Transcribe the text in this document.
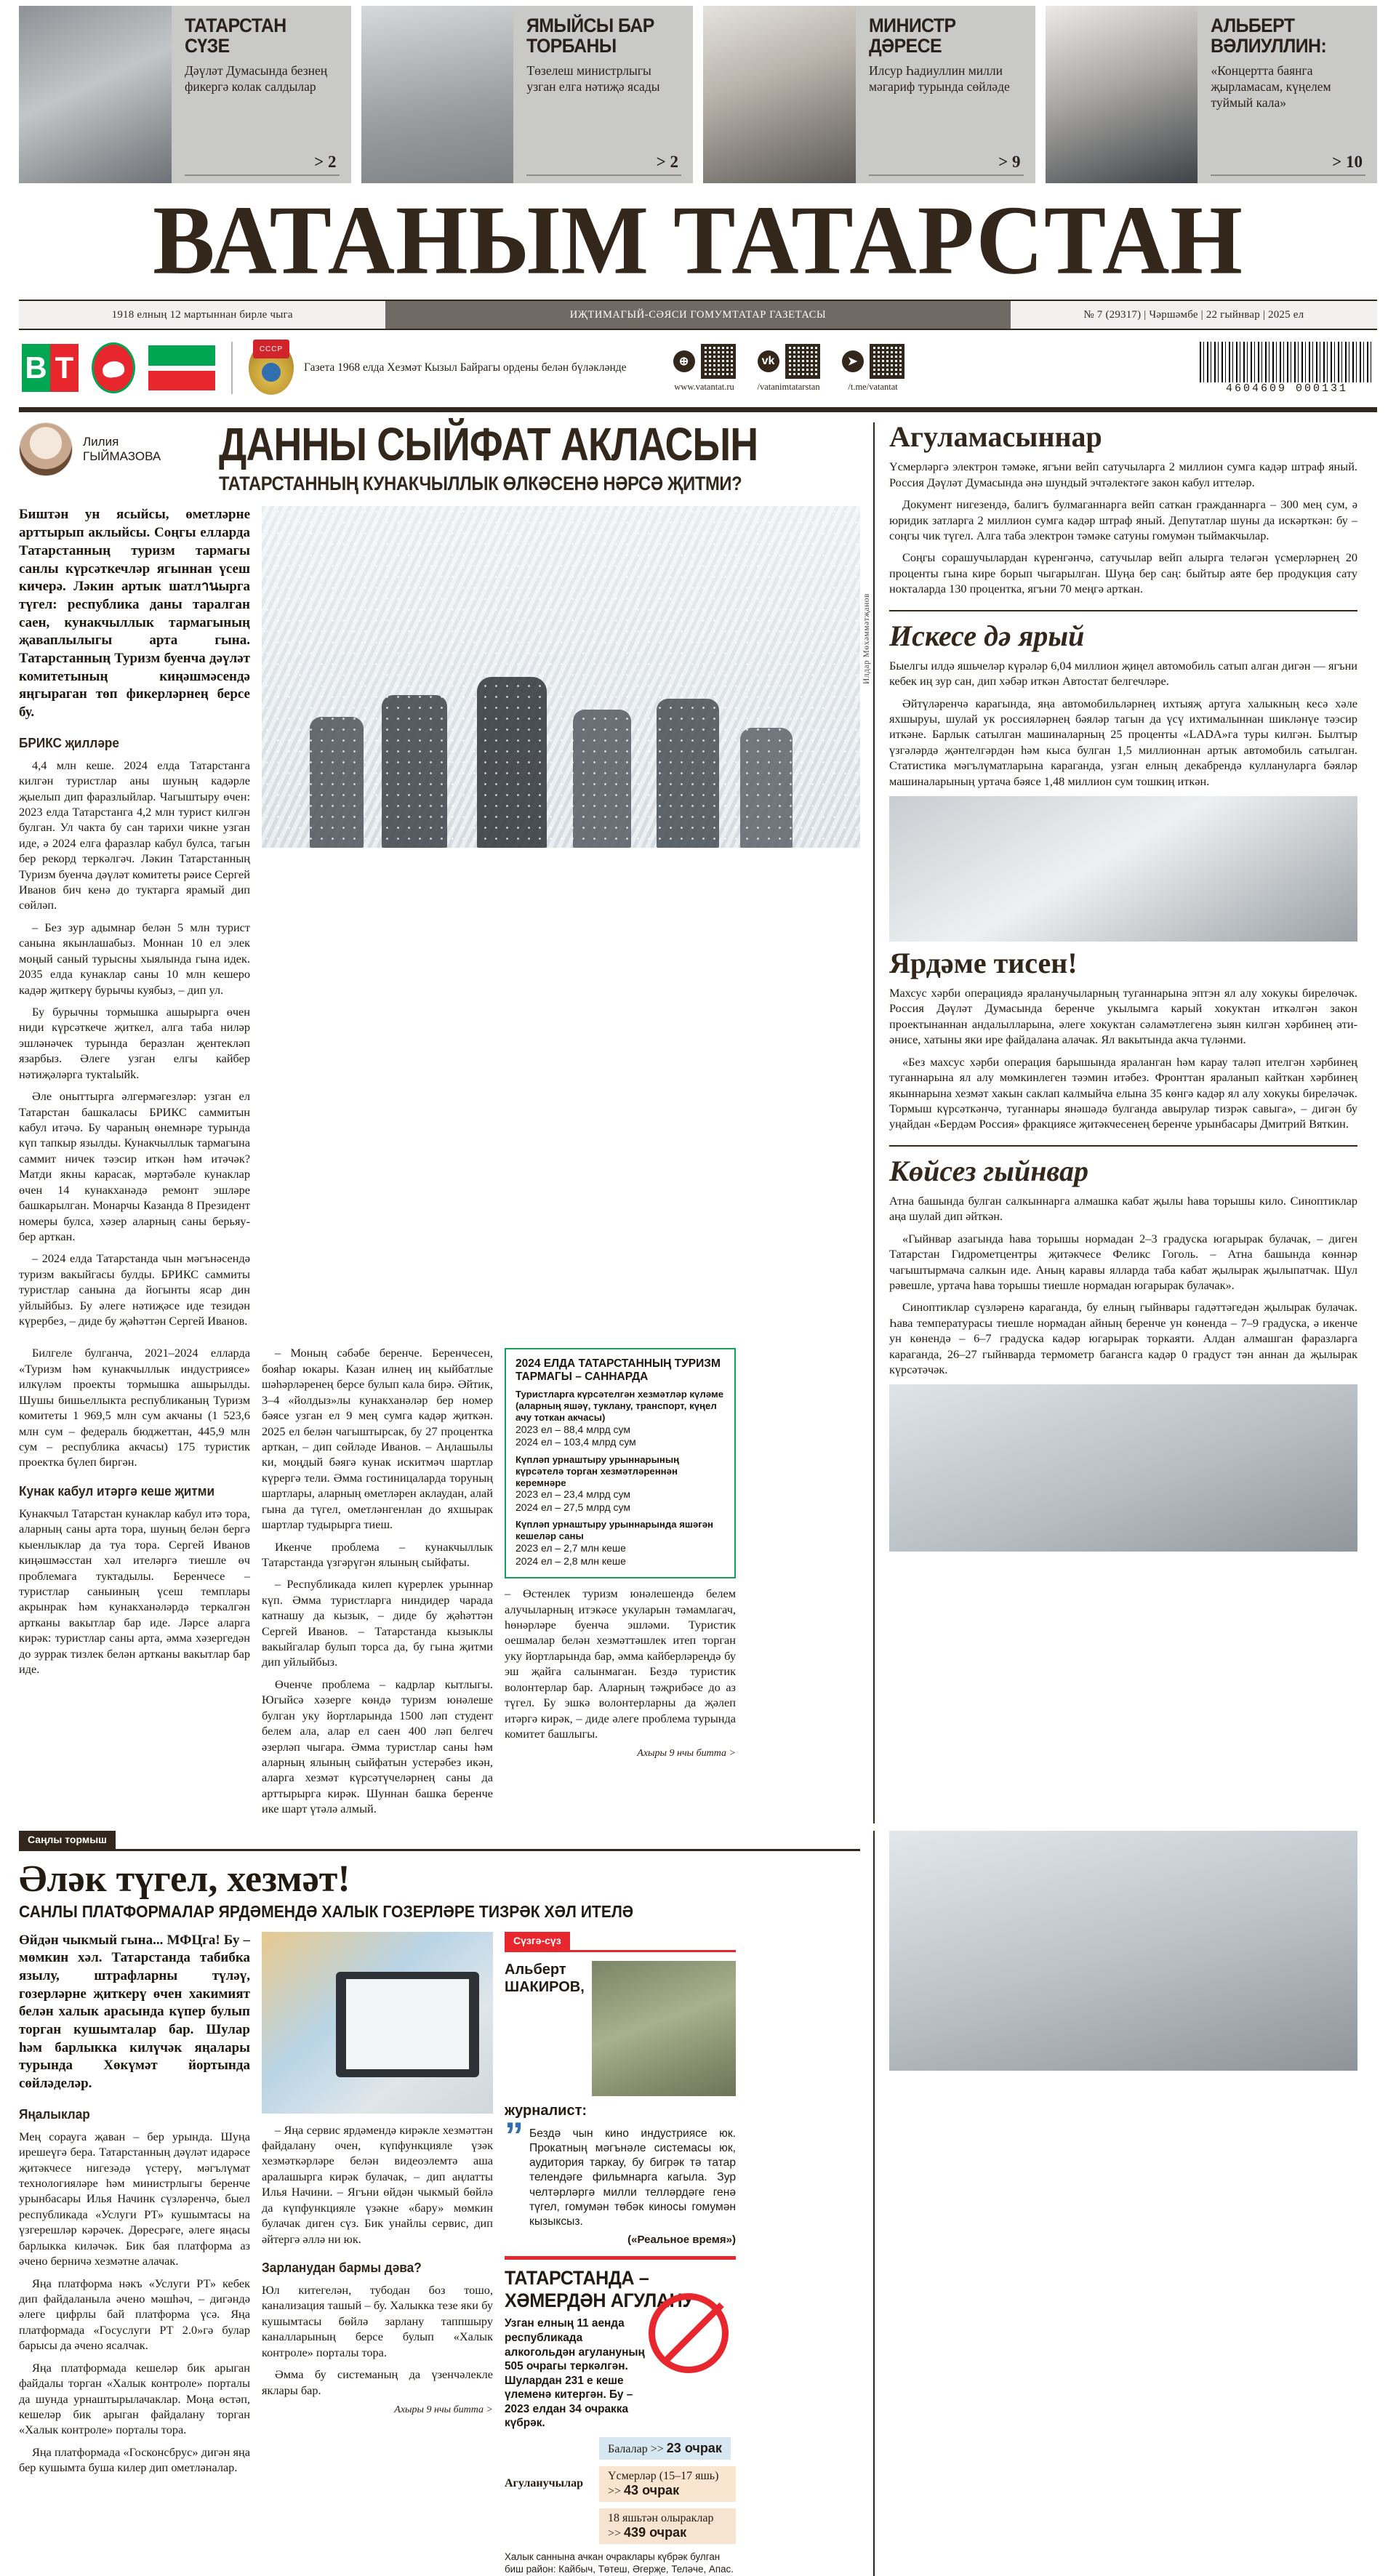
ТАТАРСТАН СҮЗЕ
Дәүләт Думасында безнең фикергә колак салдылар
> 2
ЯМЫЙСЫ БАР ТОРБАНЫ
Төзелеш министрлыгы узган елга нәтиҗә ясады
> 2
МИНИСТР ДӘРЕСЕ
Илсур Һадиуллин милли мәгариф турында сөйләде
> 9
АЛЬБЕРТ ВӘЛИУЛЛИН:
«Концертта баянга җырламасам, күңелем туймый кала»
> 10
ВАТАНЫМ ТАТАРСТАН
1918 елның 12 мартыннан бирле чыга	ИҖТИМАГЫЙ-СӘЯСИ ГОМУМТАТАР ГАЗЕТАСЫ	№ 7 (29317) | Чәршәмбе | 22 гыйнвар | 2025 ел
В Т
СССР
Газета 1968 елда Хезмәт Кызыл Байрагы ордены белән бүләкләнде	⊕
www.vatantat.ru
vk
/vatanimtatarstan
➤
/t.me/vatantat	4604609 000131
Лилия
ГЫЙМАЗОВА ДАННЫ СЫЙФАТ АКЛАСЫН
ТАТАРСТАННЫҢ КУНАКЧЫЛЛЫК ӨЛКӘСЕНӘ НӘРСӘ ҖИТМИ?
Биштән ун ясыйсы, өметләрне арттырып аклыйсы. Соңгы елларда Татарстанның туризм тармагы санлы күрсәткечләр ягыннан үсеш кичерә. Ләкин артык шатлานырга түгел: республика даны таралган саен, кунакчыллык тармагының җаваплылыгы арта гына. Татарстанның Туризм буенча дәүләт комитетының киңәшмәсендә яңгыраган төп фикерләрнең берсе бу.
БРИКС җилләре

4,4 млн кеше. 2024 елда Татарстанга килгән туристлар аны шуның кадәрле җыелып дип фаразлыйлар. Чагыштыру өчен: 2023 елда Татарстанга 4,2 млн турист килгән булган. Ул чакта бу сан тарихи чикне узган иде, ә 2024 елга фаразлар кабул булса, тагын бер рекорд теркәлгәч. Ләкин Татарстанның Туризм буенча дәүләт комитеты рәисе Сергей Иванов бич кенә до туктарга ярамый дип сөйләп.

– Без зур адымнар белән 5 млн турист санына якынлашабыз. Моннан 10 ел элек моңый саный турысны хыялында гына идек. 2035 елда кунаклар саны 10 млн кешеро кадәр җиткерү бурычы куябыз, – дип ул.

Бу бурычны тормышка ашырырга өчен ниди күрсәткече җиткел, алга таба ниләр эшләнәчек турында беразлан җентекләп язарбыз. Әлеге узган елгы кайбер нәтиҗәләрга туктаlыйk.

Әле оныттырга әлгермәгезләр: узган ел Татарстан башкаласы БРИКС саммитын кабул итәчә. Бу чараның өнемнәре турында күп тапкыр язылды. Кунакчыллык тармагына саммит ничек тәэсир иткән һәм итәчәк? Матди якны карасак, мәртәбәле кунаклар өчен 14 кунакханәдә ремонт эшләре башкарылган. Монарчы Казанда 8 Президент номеры булса, хәзер аларның саны берьяу-бер арткан.

– 2024 елда Татарстанда чын мәгънәсендә туризм вакыйгасы булды. БРИКС саммиты туристлар санына да йогынты ясар дин уйлыйбыз. Бу әлеге нәтиҗәсе иде тезидән күрербез, – диде бу җәһәттән Сергей Иванов.

Илдар Мөхәммәтҗанов

Билгеле булганча, 2021–2024 елларда «Туризм һәм кунакчыллык индустриясе» илкүләм проекты тормышка ашырылды. Шушы бишьеллыкта республиканың Туризм комитеты 1 969,5 млн сум акчаны (1 523,6 млн сум – федераль бюджеттан, 445,9 млн сум – республика акчасы) 175 туристик проектка бүлеп биргән.

Кунак кабул итәргә кеше җитми

Кунакчыл Татарстан кунаклар кабул итә тора, аларның саны арта тора, шуның белән бергә кыенлыклар да туа тора. Сергей Иванов киңәшмәсстан хәл ителәргә тиешле өч проблемага туктадылы. Беренчесе – туристлар саныиның үсеш темплары акрынрак һәм кунакханәләрдә теркалгән артканы вакытлар бар иде. Ләрсе аларга кирәк: туристлар саны арта, әмма хәзергедән до зуррак тизлек белән артканы вакытлар бар иде.

– Моның сәбәбе беренче. Беренчесен, бояһар юкары. Казан илнең иң кыйбатлые шәһәрләренең берсе булып кала бирә. Әйтик, 3–4 «йолдыз»лы кунакханәләр бер номер бәясе узган ел 9 мең сумга кадәр җиткән. 2025 ел белән чагыштырсак, бу 27 процентка арткан, – дип сөйләде Иванов. – Аңлашылы ки, моңдый бәягә кунак искитмәч шартлар күрергә тели. Әмма гостиницаларда торуның шартлары, аларның өметләрен аклаудан, алай гына да түгел, ометләнгенлан до яхшырак шартлар тудырырга тиеш.

Икенче проблема – кунакчыллык Татарстанда үзгәрүгән ялының сыйфаты.

– Республикада килеп күрерлек урыннар күп. Әмма туристларга ниндидер чарада катнашу да кызык, – диде бу җәһәттән Сергей Иванов. – Татарстанда кызыклы вакыйгалар булып торса да, бу гына җитми дип уйлыйбыз.

Өченче проблема – кадрлар кытлыгы. Югыйсә хәзерге көндә туризм юнәлеше булган уку йортларында 1500 ләп студент белем ала, алар ел саен 400 ләп белгеч әзерләп чыгара. Әмма туристлар саны һәм аларның ялының сыйфатын устерәбез икән, аларга хезмәт күрсәтүчеләрнең саны да арттырырга кирәк. Шуннан башка беренче ике шарт үтәлә алмый.

2024 ЕЛДА ТАТАРСТАННЫҢ ТУРИЗМ ТАРМАГЫ – САННАРДА
Туристларга күрсәтелгән хезмәтләр күләме (аларның яшәү, туклану, транспорт, күңел ачу тоткан акчасы)
2023 ел – 88,4 млрд сум
2024 ел – 103,4 млрд сум
Күпләп урнаштыру урыннарының күрсәтелә торган хезмәтләреннән керемнәре
2023 ел – 23,4 млрд сум
2024 ел – 27,5 млрд сум
Күпләп урнаштыру урыннарында яшәгән кешеләр саны
2023 ел – 2,7 млн кеше
2024 ел – 2,8 млн кеше

– Өстенлек туризм юнәлешендә белем алучыларның итэкәсе укуларын тәмамлагач, һөнәрләре буенча эшләми. Туристик оешмалар белән хезмәттәшлек итеп торган уку йортларында бар, әмма кайберләреңдә бу эш җайга салынмаган. Бездә туристик волонтерлар бар. Аларның тәҗрибәсе до аз түгел. Бу эшкә волонтерларны да җәлеп итәргә кирәк, – диде әлеге проблема турында комитет башлыгы.

Ахыры 9 нчы битта >
Агуламасыннар

Үсмерләргә электрон тәмәке, ягъни вейп сатучыларга 2 миллион сумга кадәр штраф яный. Россия Дәүләт Думасында әнә шундый эчтәлектәге закон кабул иттеләр.

Документ нигезендә, балигъ булмаганнарга вейп саткан гражданнарга – 300 мең сум, ә юридик затларга 2 миллион сумга кадәр штраф яный. Депутатлар шуны да искәрткән: бу – соңгы чик түгел. Алга таба электрон тәмәке сатуны гомумән тыймакчылар.

Соңгы сорашучылардан күренгәнчә, сатучылар вейп алырга теләгән үсмерләрнең 20 проценты гына кире борып чыгарылган. Шуңа бер саң: быйтыр аяте бер продукция сату нокталарда 130 процентка, ягъни 70 меңгә арткан.

Искесе дә ярый

Быелгы илдә яшьчеләр күрәләр 6,04 миллион җиңел автомобиль сатып алган дигән — ягъни кебек иң зур сан, дип хәбәр иткән Автостат белгечләре.

Әйтүләренчә карагында, яңа автомобильләрнең ихтыяҗ артуга халыкның кесә хәле яхшыруы, шулай ук россияләрнең бәяләр тагын да үсү ихтималыннан шикләнүе тәэсир иткәне. Барлык сатылган машиналарның 25 проценты «LADA»га туры килгән. Былтыр үзгәләрдә җәнтелгәрдән һәм кыса булган 1,5 миллионнан артык автомобиль сатылган. Статистика мәгълүматларына караганда, узган елның декабрендә куллануларга бәяләр машиналарының уртача бәясе 1,48 миллион сум тошкиң иткән.

Ярдәме тисен!

Махсус хәрби операциядә яраланучыларның туганнарына эптэн ял алу хокукы бирелөчәк. Россия Дәүләт Думасында беренче укылымга карый хокуктан иткәлгән закон проектынаннан андалылларына, әлеге хокуктан сәламәтлегенә зыян килгән хәрбинең әти-әнисе, хатыны яки ире файдалана алачак. Ял вакытында акча түләнми.

«Без махсус хәрби операция барышында яраланган һәм карау таләп ителгән хәрбинең туганнарына ял алу мөмкинлеген тәэмин итәбез. Фронттан яраланып кайткан хәрбинең якыннарына хезмәт хакын саклап калмыйча елына 35 көнгә кадәр ял алу хокукы биреләчәк. Тормыш күрсәткәнчә, туганнары янәшәдә булганда авырулар тизрәк савыга», – дигән бу уңайдан «Бердәм Россия» фракциясе җитәкчесенең беренче урынбасары Дмитрий Вяткин.

Көйсез гыйнвар

Атна башында булган салкыннарга алмашка кабат җылы һава торышы кило. Синоптиклар аңа шулай дип әйткән.

«Гыйнвар азагында һава торышы нормадан 2–3 градуска югарырак булачак, – диген Татарстан Гидрометцентры җитәкчесе Феликс Гоголь. – Атна башында көннәр чагыштырмача салкын иде. Аның каравы ялларда таба кабат җылырак җылыпатчак. Шул рәвешле, уртача һава торышы тиешле нормадан югарырак булачак».

Синоптиклар сүзләренә караганда, бу елның гыйнвары гадәттәгедән җылырак булачак. Һава температурасы тиешле нормадан айның беренче ун көненда – 7–9 градуска, ә икенче ун көнендә – 6–7 градуска кадәр югарырак торкаяти. Алдан алмашган фаразларга караганда, 26–27 гыйнварда термометр багансга кадәр 0 градуст тән аннан да җылырак күрсәтәчәк.

Саңлы тормыш
Әләк түгел, хезмәт!
САНЛЫ ПЛАТФОРМАЛАР ЯРДӘМЕНДӘ ХАЛЫК ГОЗЕРЛӘРЕ ТИЗРӘК ХӘЛ ИТЕЛӘ
Өйдән чыкмый гына... МФЦга! Бу – мөмкин хәл. Татарстанда табибка язылу, штрафларны түләү, гозерләрне җиткерү өчен хакимият белән халык арасында күпер булып торган кушымталар бар. Шулар һәм барлыкка килүчәк яңалары турында Хөкүмәт йортында сөйләделәр.
Яңалыклар

Мең сорауга җаван – бер урында. Шуңа ирешеүгә бера. Татарстанның дәүләт идарәсе җитәкчесе нигезәдә үстерү, мәгълүмат технологияләре һәм министрлыгы беренче урынбасары Илья Начинк сүзләренчә, быел республикада «Услуги РТ» кушымтасы на үзгерешләр кәрәчек. Дөресрәге, әлеге яңасы барлыкка киләчәк. Бик бая платформа аз әчено берничә хезмәтне алачак.

Яңа платформа нәкъ «Услуги РТ» кебек дип файдаланыла әчено мәшһәч, – дигәндә әлеге цифрлы бай платформа үсә. Яңа платформада «Госуслуги РТ 2.0»гә булар барысы да әчено ясалчак.

Яңа платформада кешеләр бик арыган файдалы торган «Халык контроле» порталы да шунда урнаштырылачаклар. Моңа өстәп, кешеләр бик арыган файдалану торган «Халык контроле» порталы тора.

Яңа платформада «Госконсбрус» дигән яңа бер кушымта буша килер дип ометләналар.

– Яңа сервис ярдәмендә кирәкле хезмәттән файдалану очен, күпфункцияле үзәк хезмәткәрләре белән видеоэлемтә аша аралашырга кирәк булачак, – дип аңлатты Илья Начини. – Ягъни өйдән чыкмый бөйлә да күпфункцияле үзәкне «бару» мөмкин булачак диген сүз. Бик унайлы сервис, дип әйтергә әллә ни юк.

Зарланудан бармы дәва?

Юл китегелән, тубодан боз тошо, канализация ташый – бу. Халыкка тезе яки бу кушымтасы бөйлә зарлану таппшыру каналларының берсе булып «Халык контроле» порталы тора.

Әмма бу системаның да үзенчәлекле яклары бар.

Ахыры 9 нчы битта >
Сүзгә-сүз
Альберт ШАКИРОВ,
журналист:
” Бездә чын кино индустриясе юк. Прокатның мәгънәле системасы юк, аудитория таркау, бу бигрәк тә татар телендәге фильмнарга кагыла. Зур челтәрләргә милли телләрдәге генә түгел, гомумән төбәк киносы гомумән кызыксыз.
(«Реальное время»)
ТАТАРСТАНДА – ХӘМЕРДӘН АГУЛАНУ
Узган елның 11 аенда республикада алкогольдән агулануның 505 очрагы теркәлгән. Шулардан 231 е кеше үлеменә китергән. Бу – 2023 елдан 34 очракка күбрәк.
Балалар >> 23 очрак
Агуланучылар
Үсмерләр (15–17 яшь) >> 43 очрак
18 яшьтән олыраклар >> 439 очрак
Халык саннына ачкан очраклары күбрәк булган биш район: Кайбыч, Төтеш, Әгерҗе, Теләче, Апас.
